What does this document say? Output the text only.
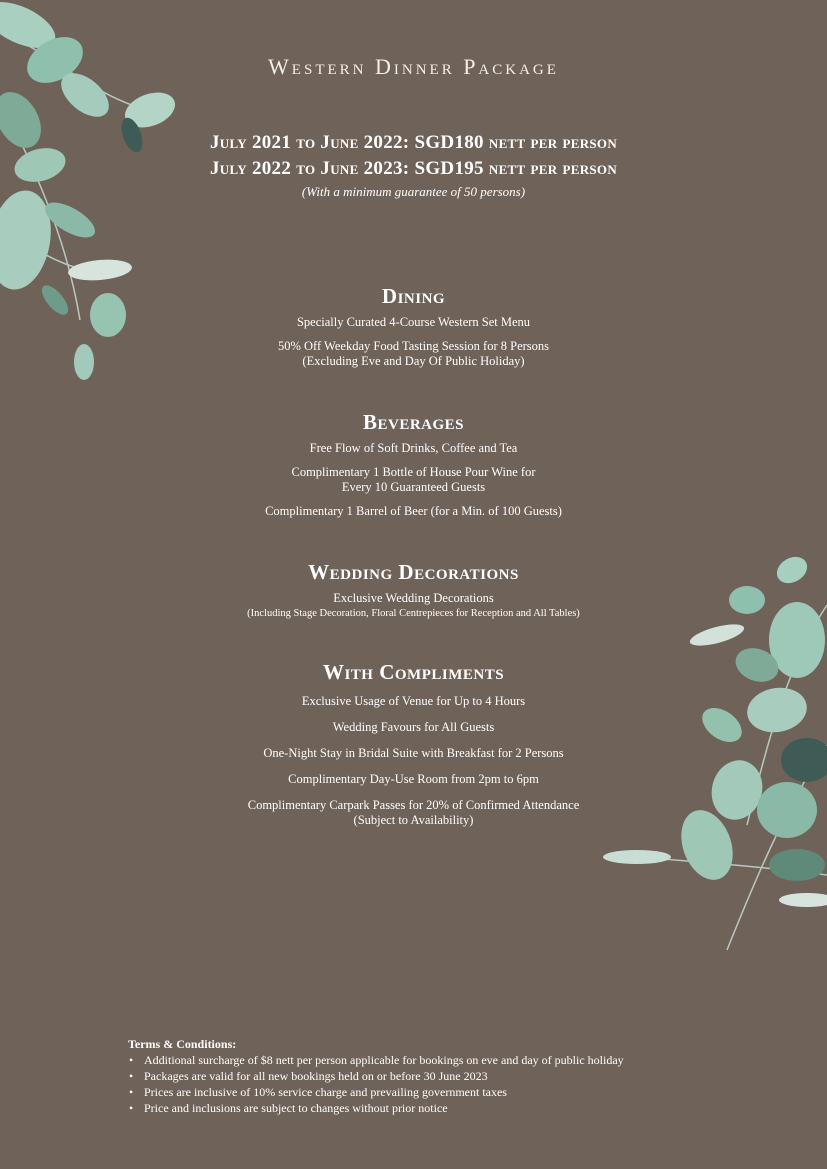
Western Dinner Package
July 2021 to June 2022: SGD180 nett per person
July 2022 to June 2023: SGD195 nett per person
(With a minimum guarantee of 50 persons)
Dining

Specially Curated 4-Course Western Set Menu

50% Off Weekday Food Tasting Session for 8 Persons
(Excluding Eve and Day Of Public Holiday)

Beverages

Free Flow of Soft Drinks, Coffee and Tea

Complimentary 1 Bottle of House Pour Wine for
Every 10 Guaranteed Guests

Complimentary 1 Barrel of Beer (for a Min. of 100 Guests)

Wedding Decorations

Exclusive Wedding Decorations
(Including Stage Decoration, Floral Centrepieces for Reception and All Tables)

With Compliments

Exclusive Usage of Venue for Up to 4 Hours

Wedding Favours for All Guests

One-Night Stay in Bridal Suite with Breakfast for 2 Persons

Complimentary Day-Use Room from 2pm to 6pm

Complimentary Carpark Passes for 20% of Confirmed Attendance
(Subject to Availability)

Terms & Conditions:
• Additional surcharge of $8 nett per person applicable for bookings on eve and day of public holiday
• Packages are valid for all new bookings held on or before 30 June 2023
• Prices are inclusive of 10% service charge and prevailing government taxes
• Price and inclusions are subject to changes without prior notice
